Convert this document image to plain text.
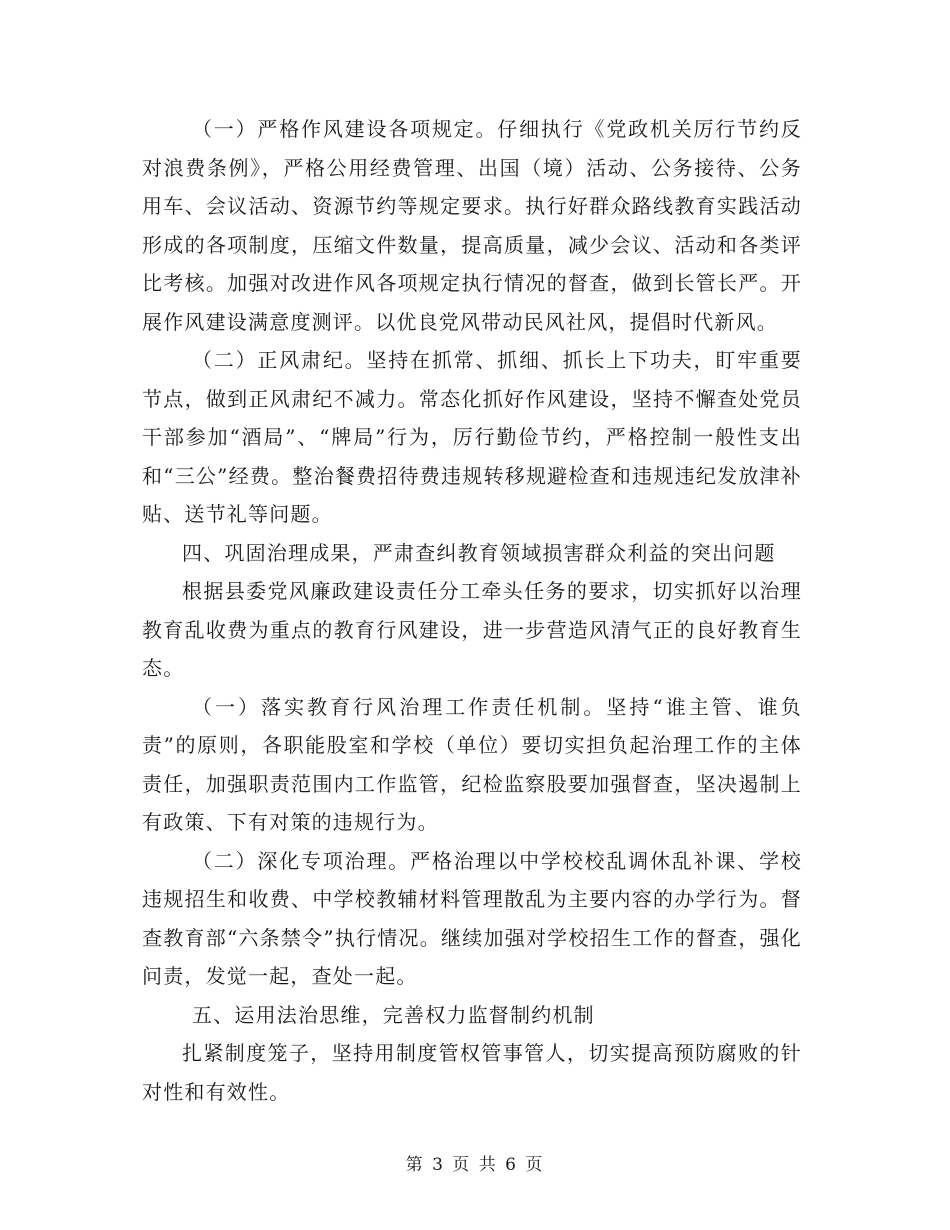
（一）严格作风建设各项规定。仔细执行《党政机关厉行节约反对浪费条例》，严格公用经费管理、出国（境）活动、公务接待、公务用车、会议活动、资源节约等规定要求。执行好群众路线教育实践活动形成的各项制度，压缩文件数量，提高质量，减少会议、活动和各类评比考核。加强对改进作风各项规定执行情况的督查，做到长管长严。开展作风建设满意度测评。以优良党风带动民风社风，提倡时代新风。

（二）正风肃纪。坚持在抓常、抓细、抓长上下功夫，盯牢重要节点，做到正风肃纪不减力。常态化抓好作风建设，坚持不懈查处党员干部参加“酒局”、“牌局”行为，厉行勤俭节约，严格控制一般性支出和“三公”经费。整治餐费招待费违规转移规避检查和违规违纪发放津补贴、送节礼等问题。

四、巩固治理成果，严肃查纠教育领域损害群众利益的突出问题

根据县委党风廉政建设责任分工牵头任务的要求，切实抓好以治理教育乱收费为重点的教育行风建设，进一步营造风清气正的良好教育生态。

（一）落实教育行风治理工作责任机制。坚持“谁主管、谁负责”的原则，各职能股室和学校（单位）要切实担负起治理工作的主体责任，加强职责范围内工作监管，纪检监察股要加强督查，坚决遏制上有政策、下有对策的违规行为。

（二）深化专项治理。严格治理以中学校校乱调休乱补课、学校违规招生和收费、中学校教辅材料管理散乱为主要内容的办学行为。督查教育部“六条禁令”执行情况。继续加强对学校招生工作的督查，强化问责，发觉一起，查处一起。

五、运用法治思维，完善权力监督制约机制

扎紧制度笼子，坚持用制度管权管事管人，切实提高预防腐败的针对性和有效性。

第 3 页 共 6 页
